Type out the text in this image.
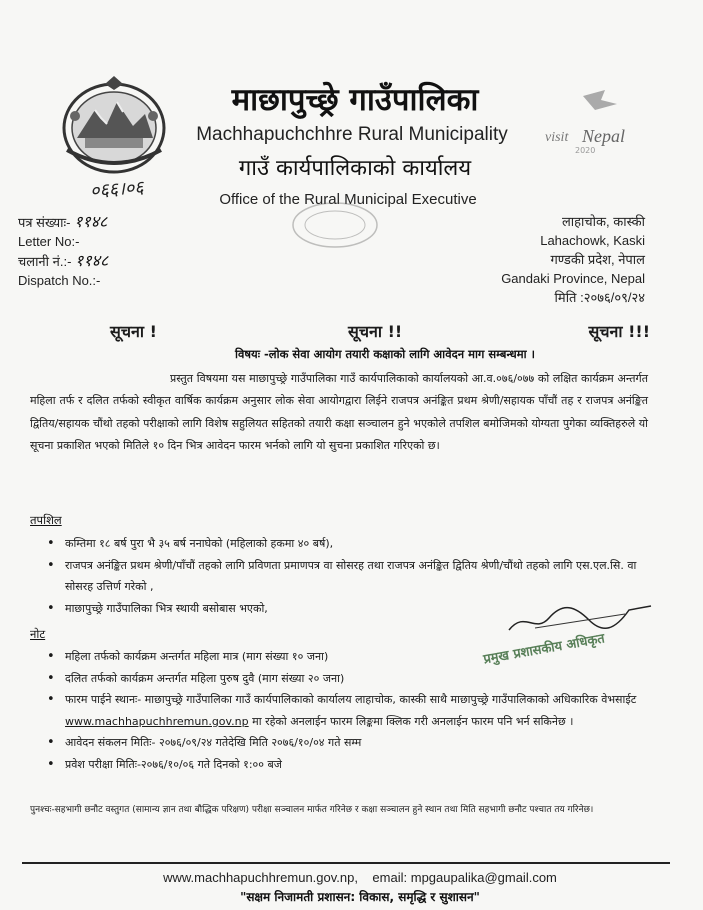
माछापुच्छ्रे गाउँपालिका
Machhapuchchhre Rural Municipality
गाउँ कार्यपालिकाको कार्यालय
Office of the Rural Municipal Executive
visit Nepal
2020
०६६।०६
पत्र संख्याः- ११४८
Letter No:-
चलानी नं.:- ११४८
Dispatch No.:-
लाहाचोक, कास्की
Lahachowk, Kaski
गण्डकी प्रदेश, नेपाल
Gandaki Province, Nepal
मिति :२०७६/०९/२४
सूचना !	सूचना !!	सूचना !!!
विषयः -लोक सेवा आयोग तयारी कक्षाको लागि आवेदन माग सम्बन्धमा ।
प्रस्तुत विषयमा यस माछापुच्छ्रे गाउँपालिका गाउँ कार्यपालिकाको कार्यालयको आ.व.०७६/०७७ को लक्षित कार्यक्रम अन्तर्गत महिला तर्फ र दलित तर्फको स्वीकृत वार्षिक कार्यक्रम अनुसार लोक सेवा आयोगद्वारा लिईने राजपत्र अनंङ्कित प्रथम श्रेणी/सहायक पाँचौं तह र राजपत्र अनंङ्कित द्वितिय/सहायक चौंथो तहको परीक्षाको लागि विशेष सहुलियत सहितको तयारी कक्षा सञ्चालन हुने भएकोले तपशिल बमोजिमको योग्यता पुगेका व्यक्तिहरुले यो सूचना प्रकाशित भएको मितिले १० दिन भित्र आवेदन फारम भर्नको लागि यो सुचना प्रकाशित गरिएको छ।
तपशिल
• कम्तिमा १८ बर्ष पुरा भै ३५ बर्ष ननाघेको (महिलाको हकमा ४० बर्ष),
• राजपत्र अनंङ्कित प्रथम श्रेणी/पाँचौं तहको लागि प्रविणता प्रमाणपत्र वा सोसरह तथा राजपत्र अनंङ्कित द्वितिय श्रेणी/चौंथो तहको लागि एस.एल.सि. वा सोसरह उत्तिर्ण गरेको ,
• माछापुच्छ्रे गाउँपालिका भित्र स्थायी बसोबास भएको,
नोट
• महिला तर्फको कार्यक्रम अन्तर्गत महिला मात्र (माग संख्या १० जना)
• दलित तर्फको कार्यक्रम अन्तर्गत महिला पुरुष दुवै (माग संख्या २० जना)
• फारम पाईने स्थानः- माछापुच्छ्रे गाउँपालिका गाउँ कार्यपालिकाको कार्यालय लाहाचोक, कास्की साथै माछापुच्छ्रे गाउँपालिकाको अधिकारिक वेभसाईट www.machhapuchhremun.gov.np मा रहेको अनलाईन फारम लिङ्कमा क्लिक गरी अनलाईन फारम पनि भर्न सकिनेछ ।
• आवेदन संकलन मितिः- २०७६/०९/२४ गतेदेखि मिति २०७६/१०/०४ गते सम्म
• प्रवेश परीक्षा मितिः-२०७६/१०/०६ गते दिनको १:०० बजे
प्रमुख प्रशासकीय अधिकृत
पुनश्चः-सहभागी छनौट वस्तुगत (सामान्य ज्ञान तथा बौद्धिक परिक्षण) परीक्षा सञ्चालन मार्फत गरिनेछ र कक्षा सञ्चालन हुने स्थान तथा मिति सहभागी छनौट पश्चात तय गरिनेछ।
www.machhapuchhremun.gov.np,    email: mpgaupalika@gmail.com
"सक्षम निजामती प्रशासन: विकास, समृद्धि र सुशासन"
